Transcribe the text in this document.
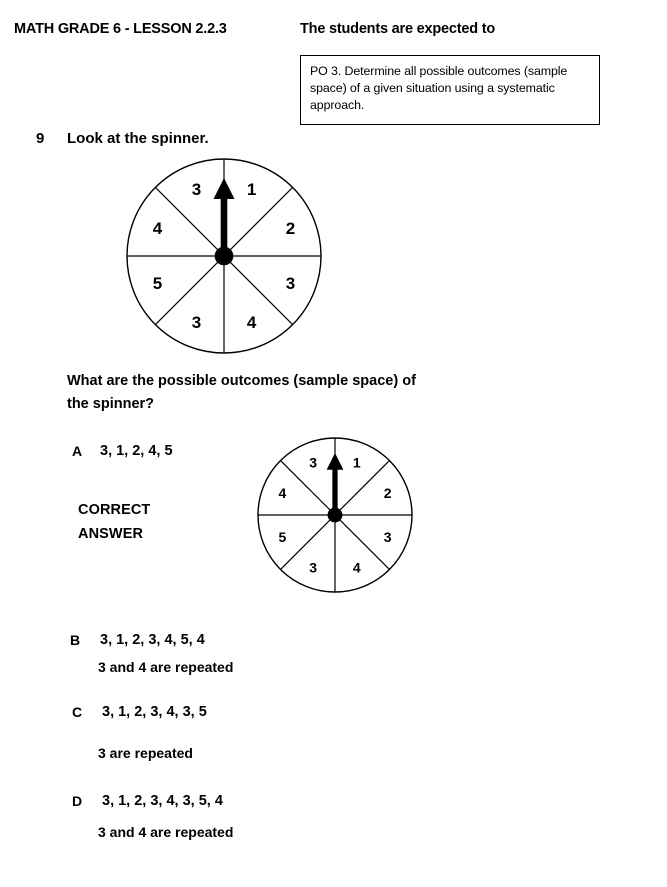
MATH GRADE 6 - LESSON 2.2.3	The students are expected to
PO 3. Determine all possible outcomes (sample space) of a given situation using a systematic approach.
9 Look at the spinner.
1
2
3
4
3
5
4
3
1
2
3
4
3
5
4
3
What are the possible outcomes (sample space) of the spinner?
CORRECT
ANSWER
A 3, 1, 2, 4, 5
B 3, 1, 2, 3, 4, 5, 4
3 and 4 are repeated
C 3, 1, 2, 3, 4, 3, 5
3 are repeated
D 3, 1, 2, 3, 4, 3, 5, 4
3 and 4 are repeated
